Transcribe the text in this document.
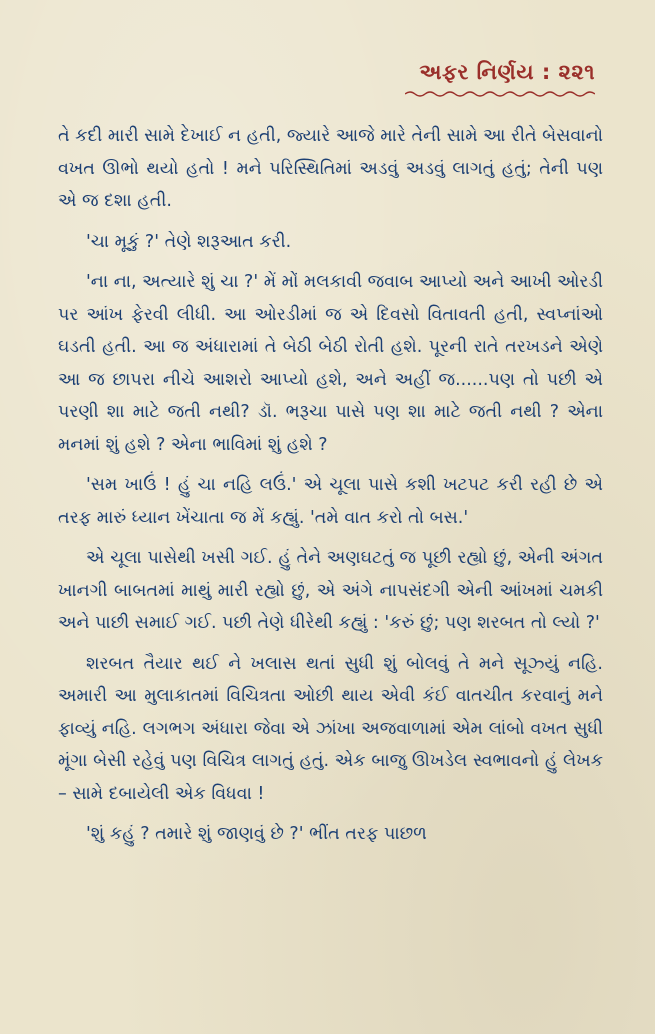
અફર નિર્ણય : ૨૨૧

તે કદી મારી સામે દેખાઈ ન હતી, જ્યારે આજે મારે તેની સામે આ રીતે બેસવાનો વખત ઊભો થયો હતો ! મને પરિસ્થિતિમાં અડવું અડવું લાગતું હતું; તેની પણ એ જ દશા હતી.

'ચા મૂકું ?' તેણે શરૂઆત કરી.

'ના ના, અત્યારે શું ચા ?' મેં મોં મલકાવી જવાબ આપ્યો અને આખી ઓરડી પર આંખ ફેરવી લીધી. આ ઓરડીમાં જ એ દિવસો વિતાવતી હતી, સ્વપ્નાંઓ ઘડતી હતી. આ જ અંધારામાં તે બેઠી બેઠી રોતી હશે. પૂરની રાતે તરખડને એણે આ જ છાપરા નીચે આશરો આપ્યો હશે, અને અહીં જ......પણ તો પછી એ પરણી શા માટે જતી નથી? ડૉ. ભરૂચા પાસે પણ શા માટે જતી નથી ? એના મનમાં શું હશે ? એના ભાવિમાં શું હશે ?

'સમ ખાઉં ! હું ચા નહિ લઉં.' એ ચૂલા પાસે કશી ખટપટ કરી રહી છે એ તરફ મારું ધ્યાન ખેંચાતા જ મેં કહ્યું. 'તમે વાત કરો તો બસ.'

એ ચૂલા પાસેથી ખસી ગઈ. હું તેને અણઘટતું જ પૂછી રહ્યો છું, એની અંગત ખાનગી બાબતમાં માથું મારી રહ્યો છું, એ અંગે નાપસંદગી એની આંખમાં ચમકી અને પાછી સમાઈ ગઈ. પછી તેણે ધીરેથી કહ્યું : 'કરું છું; પણ શરબત તો લ્યો ?'

શરબત તૈયાર થઈ ને ખલાસ થતાં સુધી શું બોલવું તે મને સૂઝ્યું નહિ. અમારી આ મુલાકાતમાં વિચિત્રતા ઓછી થાય એવી કંઈ વાતચીત કરવાનું મને ફાવ્યું નહિ. લગભગ અંધારા જેવા એ ઝાંખા અજવાળામાં એમ લાંબો વખત સુધી મૂંગા બેસી રહેવું પણ વિચિત્ર લાગતું હતું. એક બાજુ ઊખડેલ સ્વભાવનો હું લેખક – સામે દબાયેલી એક વિધવા !

'શું કહું ? તમારે શું જાણવું છે ?' ભીંત તરફ પાછળ
